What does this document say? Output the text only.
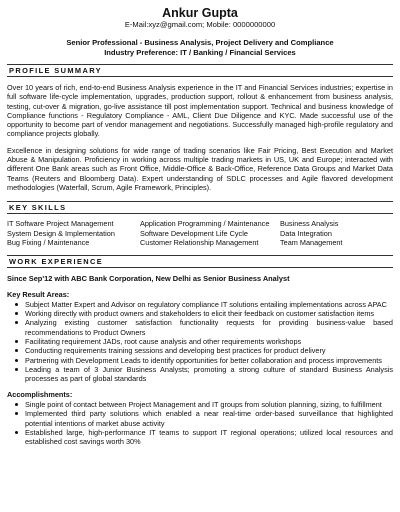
Ankur Gupta
E-Mail:xyz@gmail.com; Mobile: 0000000000
Senior Professional - Business Analysis, Project Delivery and Compliance
Industry Preference: IT / Banking / Financial Services
PROFILE SUMMARY

Over 10 years of rich, end-to-end Business Analysis experience in the IT and Financial Services industries; expertise in full software life-cycle implementation, upgrades, production support, rollout & enhancement from business analysis, testing, cut-over & migration, go-live assistance till post implementation support. Technical and business knowledge of Compliance functions - Regulatory Compliance - AML, Client Due Diligence and KYC. Made successful use of the opportunity to become part of vendor management and negotiations. Successfully managed high-profile regulatory and compliance projects globally.

Excellence in designing solutions for wide range of trading scenarios like Fair Pricing, Best Execution and Market Abuse & Manipulation. Proficiency in working across multiple trading markets in US, UK and Europe; interacted with different One Bank areas such as Front Office, Middle-Office & Back-Office, Reference Data Groups and Market Data Teams (Reuters and Bloomberg Data). Expert understanding of SDLC processes and Agile flavored development methodologies (Waterfall, Scrum, Agile Framework, Principles).

KEY SKILLS
IT Software Project Management	Application Programming / Maintenance	Business Analysis
System Design & Implementation	Software Development Life Cycle	Data Integration
Bug Fixing / Maintenance	Customer Relationship Management	Team Management
WORK EXPERIENCE
Since Sep'12 with ABC Bank Corporation, New Delhi as Senior Business Analyst
Key Result Areas:
Subject Matter Expert and Advisor on regulatory compliance IT solutions entailing implementations across APAC
Working directly with product owners and stakeholders to elicit their feedback on customer satisfaction items
Analyzing existing customer satisfaction functionality requests for providing business-value based recommendations to Product Owners
Facilitating requirement JADs, root cause analysis and other requirements workshops
Conducting requirements training sessions and developing best practices for product delivery
Partnering with Development Leads to identify opportunities for better collaboration and process improvements
Leading a team of 3 Junior Business Analysts; promoting a strong culture of standard Business Analysis processes as part of global standards
Accomplishments:
Single point of contact between Project Management and IT groups from solution planning, sizing, to fulfillment
Implemented third party solutions which enabled a near real-time order-based surveillance that highlighted potential intentions of market abuse activity
Established large, high-performance IT teams to support IT regional operations; utilized local resources and established cost savings worth 30%
